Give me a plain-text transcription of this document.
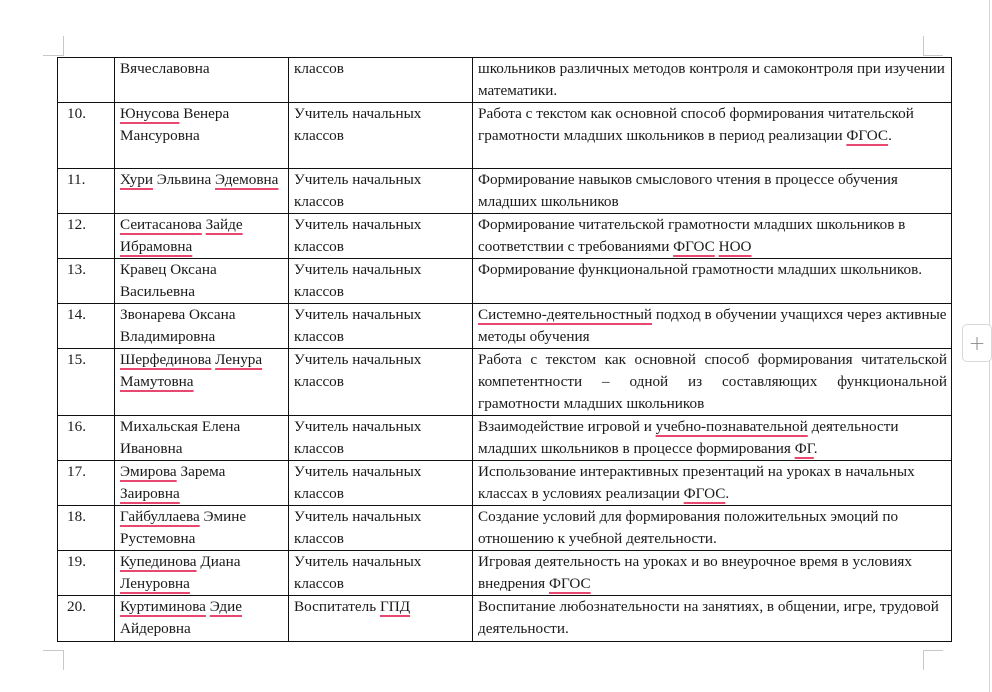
	Вячеславовна	классов	школьников различных методов контроля и самоконтроля при изучении математики.
10.	Юнусова Венера Мансуровна	Учитель начальных классов	Работа с текстом как основной способ формирования читательской грамотности младших школьников в период реализации ФГОС.
11.	Хури Эльвина Эдемовна	Учитель начальных классов	Формирование навыков смыслового чтения в процессе обучения младших школьников
12.	Сеитасанова Зайде Ибрамовна	Учитель начальных классов	Формирование читательской грамотности младших школьников в соответствии с требованиями ФГОС НОО
13.	Кравец Оксана Васильевна	Учитель начальных классов	Формирование функциональной грамотности младших школьников.
14.	Звонарева Оксана Владимировна	Учитель начальных классов	Системно-деятельностный подход в обучении учащихся через активные методы обучения
15.	Шерфединова Ленура Мамутовна	Учитель начальных классов	Работа с текстом как основной способ формирования читательской компетентности – одной из составляющих функциональной грамотности младших школьников
16.	Михальская Елена Ивановна	Учитель начальных классов	Взаимодействие игровой и учебно-познавательной деятельности младших школьников в процессе формирования ФГ.
17.	Эмирова Зарема Заировна	Учитель начальных классов	Использование интерактивных презентаций на уроках в начальных классах в условиях реализации ФГОС.
18.	Гайбуллаева Эмине Рустемовна	Учитель начальных классов	Создание условий для формирования положительных эмоций по отношению к учебной деятельности.
19.	Купединова Диана Ленуровна	Учитель начальных классов	Игровая деятельность на уроках и во внеурочное время в условиях внедрения ФГОС
20.	Куртиминова Эдие Айдеровна	Воспитатель ГПД	Воспитание любознательности на занятиях, в общении, игре, трудовой деятельности.
+
